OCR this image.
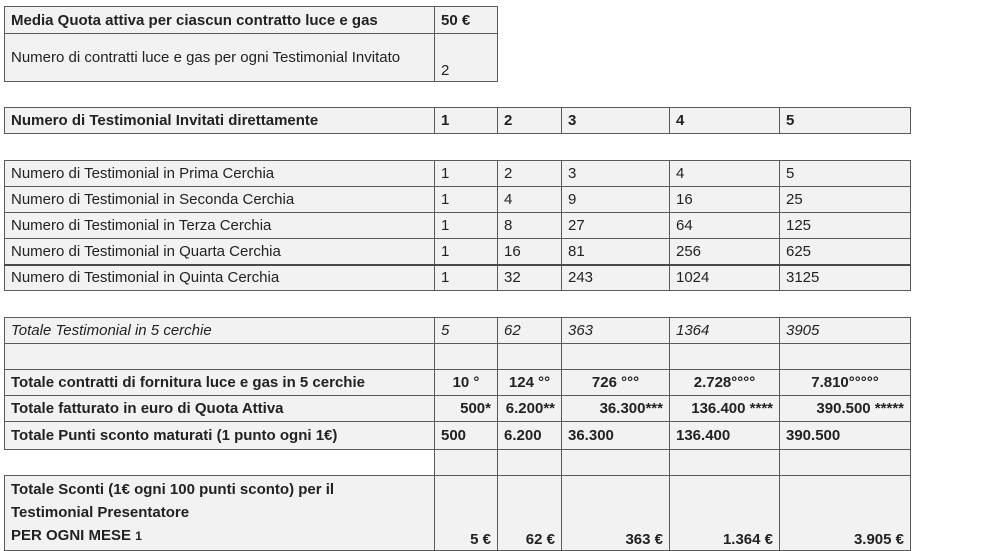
Media Quota attiva per ciascun contratto luce e gas	50 €
Numero di contratti luce e gas per ogni Testimonial Invitato	2
Numero di Testimonial Invitati direttamente	1	2	3	4	5
Numero di Testimonial in Prima Cerchia	1	2	3	4	5
Numero di Testimonial in Seconda Cerchia	1	4	9	16	25
Numero di Testimonial in Terza Cerchia	1	8	27	64	125
Numero di Testimonial in Quarta Cerchia	1	16	81	256	625
Numero di Testimonial in Quinta Cerchia	1	32	243	1024	3125
Totale Testimonial in 5 cerchie	5	62	363	1364	3905

Totale contratti di fornitura luce e gas in 5 cerchie	10 °	124 °°	726 °°°	2.728°°°°	7.810°°°°°
Totale fatturato in euro di Quota Attiva	500*	6.200**	36.300***	136.400 ****	390.500 *****
Totale Punti sconto maturati (1 punto ogni 1€)	500	6.200	36.300	136.400	390.500

Totale Sconti (1€ ogni 100 punti sconto) per il
Testimonial Presentatore
PER OGNI MESE 1	5 €	62 €	363 €	1.364 €	3.905 €
